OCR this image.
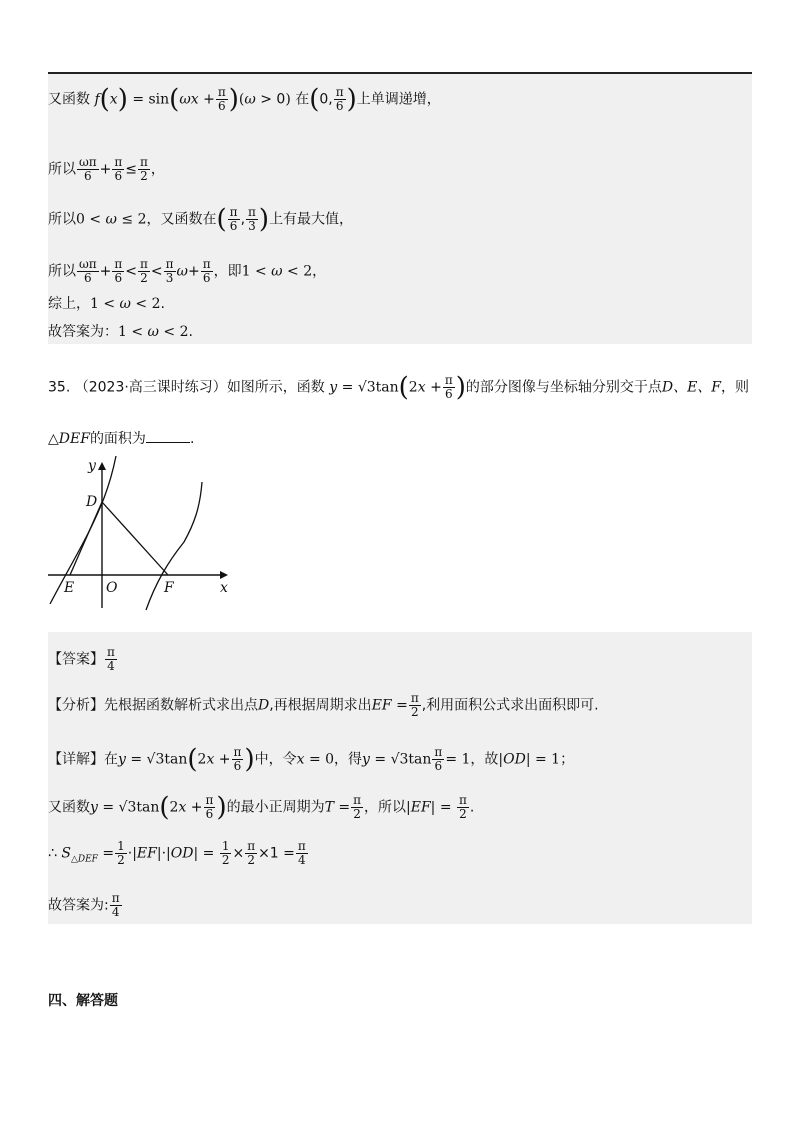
又函数 $f(x) = \sin(\omega x + \frac{\pi}{6} )(\omega > 0)$ 在(0, $\frac{\pi}{6}$ )上单调递增，
所以 $\frac{\omega\pi}{6} + \frac{\pi}{6} \le \frac{\pi}{2}$ ，
所以0 < ω ≤ 2，又函数在( $\frac{\pi}{6}$ , $\frac{\pi}{3}$ )上有最大值，
所以 $\frac{\omega\pi}{6} + \frac{\pi}{6} < \frac{\pi}{2} < \frac{\pi}{3} \omega+ \frac{\pi}{6}$ ，即1 < ω < 2，
综上，1 < ω < 2.
故答案为：1 < ω < 2.
35. （2023·高三课时练习）如图所示，函数 $y = √3\tan(2x + \frac{\pi}{6}$ )的部分图像与坐标轴分别交于点D、E、F，则
△DEF的面积为	.
y
x
D
E O	F
【答案】 $\frac{\pi}{4}$
【分析】先根据函数解析式求出点D,再根据周期求出EF = $\frac{\pi}{2}$ ,利用面积公式求出面积即可.
【详解】在$y = √3\tan(2x + \frac{\pi}{6}$ )中，令x = 0，得$y = √3\tan \frac{\pi}{6} = 1$，故|OD| = 1；
又函数$y = √3\tan(2x + \frac{\pi}{6}$ )的最小正周期为$T = \frac{\pi}{2}$ ，所以$|EF| = \frac{\pi}{2}$ .
∴ $S_{\triangle DEF} = \frac{1}{2} \cdot|EF|\cdot|OD| = \frac{1}{2} \times \frac{\pi}{2} \times 1 = \frac{\pi}{4}$
故答案为: $\frac{\pi}{4}$
四、解答题
